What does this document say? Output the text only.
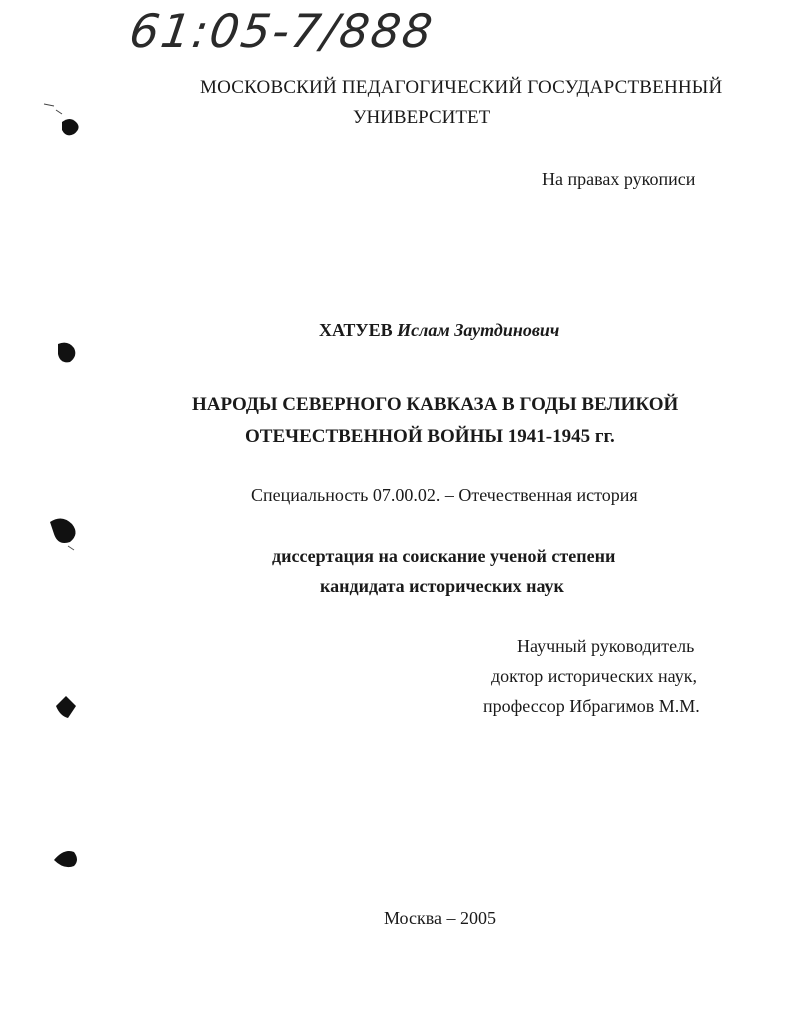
61:05-7/888
МОСКОВСКИЙ ПЕДАГОГИЧЕСКИЙ ГОСУДАРСТВЕННЫЙ
УНИВЕРСИТЕТ
На правах рукописи
ХАТУЕВ Ислам Заутдинович
НАРОДЫ СЕВЕРНОГО КАВКАЗА В ГОДЫ ВЕЛИКОЙ
ОТЕЧЕСТВЕННОЙ ВОЙНЫ 1941-1945 гг.
Специальность 07.00.02. – Отечественная история
диссертация на соискание ученой степени
кандидата исторических наук
Научный руководитель
доктор исторических наук,
профессор Ибрагимов М.М.
Москва – 2005
